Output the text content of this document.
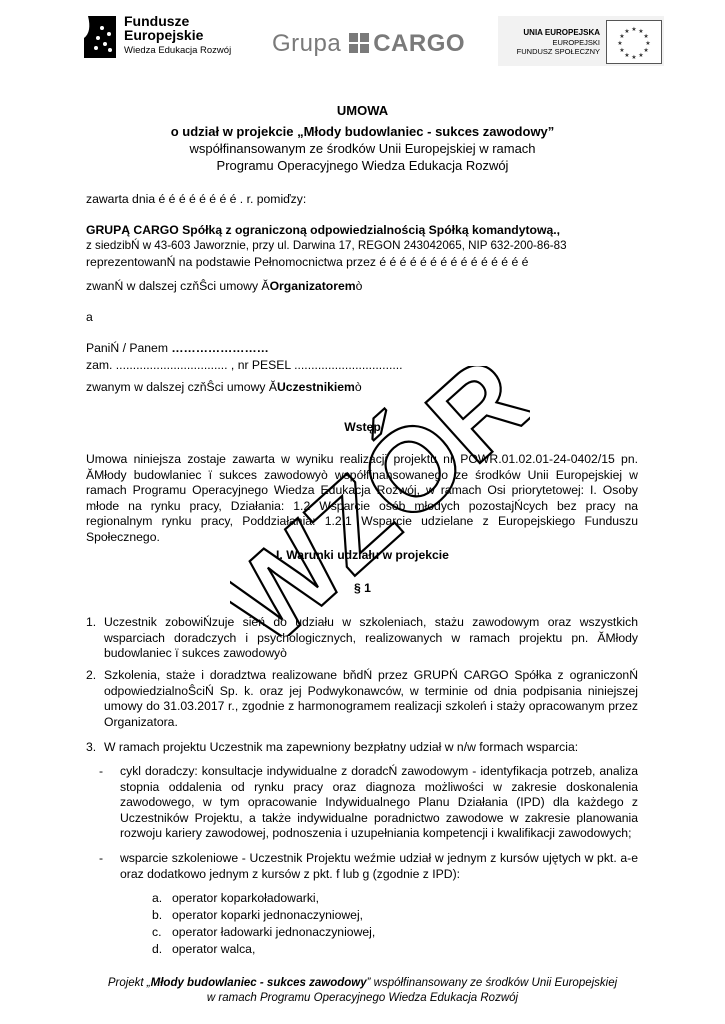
Fundusze
Europejskie
Wiedza Edukacja Rozwój Grupa CARGO	UNIA EUROPEJSKA
EUROPEJSKI
FUNDUSZ SPOŁECZNY
★
★
★
★
★
★
★
★
★ ★ ★
★
UMOWA
o udział w projekcie „Młody budowlaniec - sukces zawodowy”
współfinansowanym ze środków Unii Europejskiej w ramach
Programu Operacyjnego Wiedza Edukacja Rozwój
zawarta dnia é é é é é é é é . r. pomiďzy:
GRUPĄ CARGO Spółką z ograniczoną odpowiedzialnością Spółką komandytową.,
z siedzibŃ w 43-603 Jaworznie, przy ul. Darwina 17, REGON 243042065, NIP 632-200-86-83
reprezentowanŃ na podstawie Pełnomocnictwa przez é é é é é é é é é é é é é é é
zwanŃ w dalszej czňŜci umowy ĂOrganizatoremò
a
PaniŃ / Panem ……………………
zam. ................................. , nr PESEL ................................
zwanym w dalszej czňŜci umowy ĂUczestnikiemò
Wstęp
Umowa niniejsza zostaje zawarta w wyniku realizacji projektu nr POWR.01.02.01-24-0402/15 pn. ĂMłody budowlaniec ï sukces zawodowyò współfinansowanego ze środków Unii Europejskiej w ramach Programu Operacyjnego Wiedza Edukacja Rozwój, w ramach Osi priorytetowej: I. Osoby młode na rynku pracy, Działania: 1.2 Wsparcie osób młodych pozostajŃcych bez pracy na regionalnym rynku pracy, Poddziałania: 1.2.1 Wsparcie udzielane z Europejskiego Funduszu Społecznego.
I. Warunki udziału w projekcie
§ 1
1. Uczestnik zobowiŃzuje sień do udziału w szkoleniach, stażu zawodowym oraz wszystkich wsparciach doradczych i psychologicznych, realizowanych w ramach projektu pn. ĂMłody budowlaniec ï sukces zawodowyò
2. Szkolenia, staże i doradztwa realizowane bňdŃ przez GRUPŃ CARGO Spółka z ograniczonŃ odpowiedzialnoŜciŃ Sp. k. oraz jej Podwykonawców, w terminie od dnia podpisania niniejszej umowy do 31.03.2017 r., zgodnie z harmonogramem realizacji szkoleń i staży opracowanym przez Organizatora.
3. W ramach projektu Uczestnik ma zapewniony bezpłatny udział w n/w formach wsparcia:
- cykl doradczy: konsultacje indywidualne z doradcŃ zawodowym - identyfikacja potrzeb, analiza stopnia oddalenia od rynku pracy oraz diagnoza możliwości w zakresie doskonalenia zawodowego, w tym opracowanie Indywidualnego Planu Działania (IPD) dla każdego z Uczestników Projektu, a także indywidualne poradnictwo zawodowe w zakresie planowania rozwoju kariery zawodowej, podnoszenia i uzupełniania kompetencji i kwalifikacji zawodowych;
- wsparcie szkoleniowe - Uczestnik Projektu weźmie udział w jednym z kursów ujętych w pkt. a-e oraz dodatkowo jednym z kursów z pkt. f lub g (zgodnie z IPD):
a. operator koparkoładowarki,
b. operator koparki jednonaczyniowej,
c. operator ładowarki jednonaczyniowej,
d. operator walca,
WZÓR
Projekt „Młody budowlaniec - sukces zawodowy” współfinansowany ze środków Unii Europejskiej
w ramach Programu Operacyjnego Wiedza Edukacja Rozwój
